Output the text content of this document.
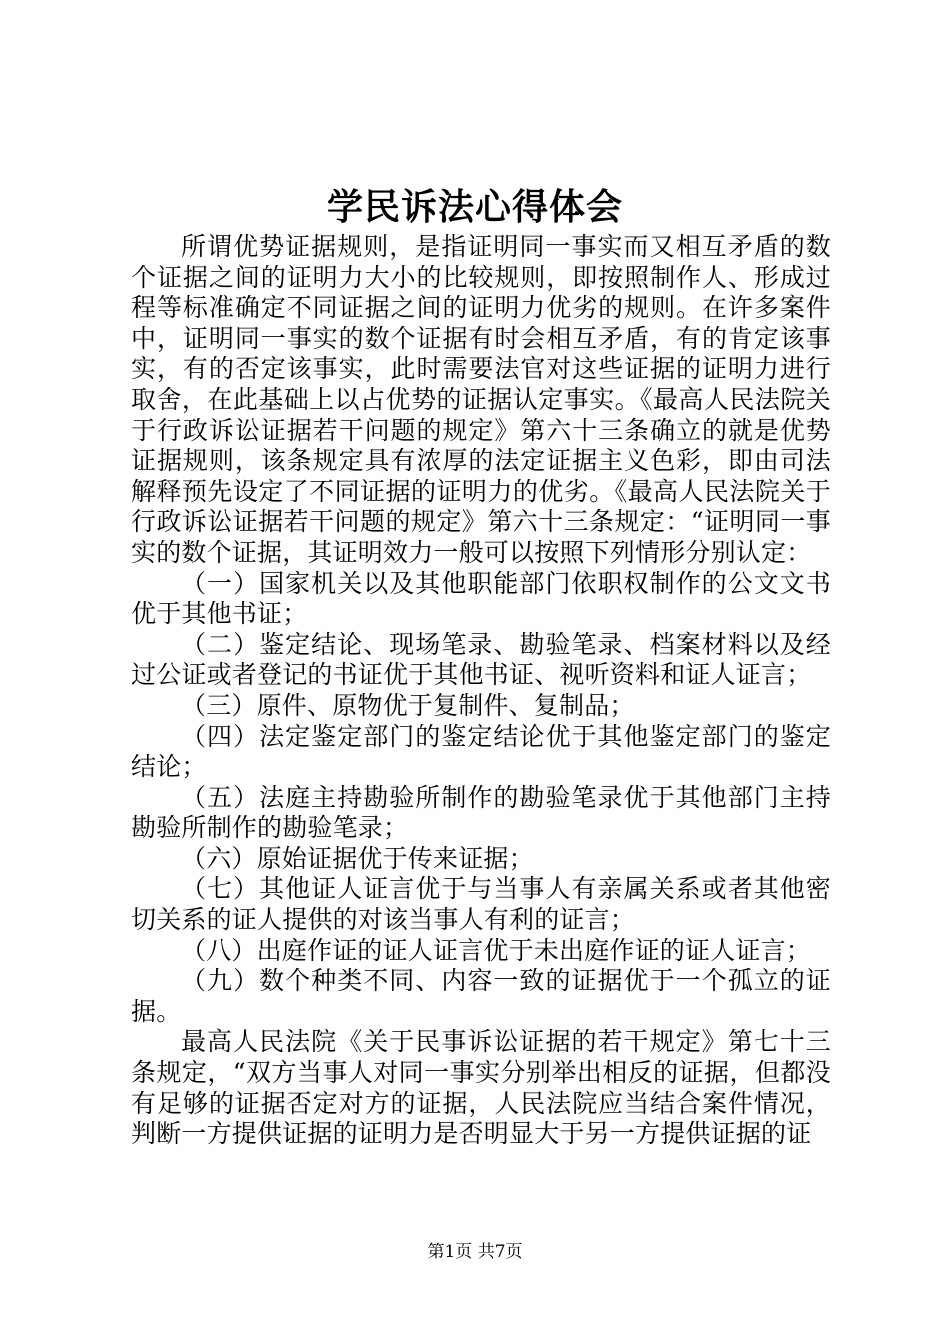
学民诉法心得体会

所谓优势证据规则，是指证明同一事实而又相互矛盾的数个证据之间的证明力大小的比较规则，即按照制作人、形成过程等标准确定不同证据之间的证明力优劣的规则。在许多案件中，证明同一事实的数个证据有时会相互矛盾，有的肯定该事实，有的否定该事实，此时需要法官对这些证据的证明力进行取舍，在此基础上以占优势的证据认定事实。《最高人民法院关于行政诉讼证据若干问题的规定》第六十三条确立的就是优势证据规则，该条规定具有浓厚的法定证据主义色彩，即由司法解释预先设定了不同证据的证明力的优劣。《最高人民法院关于行政诉讼证据若干问题的规定》第六十三条规定：“证明同一事实的数个证据，其证明效力一般可以按照下列情形分别认定：

（一）国家机关以及其他职能部门依职权制作的公文文书优于其他书证；

（二）鉴定结论、现场笔录、勘验笔录、档案材料以及经过公证或者登记的书证优于其他书证、视听资料和证人证言；

（三）原件、原物优于复制件、复制品；

（四）法定鉴定部门的鉴定结论优于其他鉴定部门的鉴定结论；

（五）法庭主持勘验所制作的勘验笔录优于其他部门主持勘验所制作的勘验笔录；

（六）原始证据优于传来证据；

（七）其他证人证言优于与当事人有亲属关系或者其他密切关系的证人提供的对该当事人有利的证言；

（八）出庭作证的证人证言优于未出庭作证的证人证言；

（九）数个种类不同、内容一致的证据优于一个孤立的证据。

最高人民法院《关于民事诉讼证据的若干规定》第七十三条规定，“双方当事人对同一事实分别举出相反的证据，但都没有足够的证据否定对方的证据，人民法院应当结合案件情况，判断一方提供证据的证明力是否明显大于另一方提供证据的证

第1页 共7页
